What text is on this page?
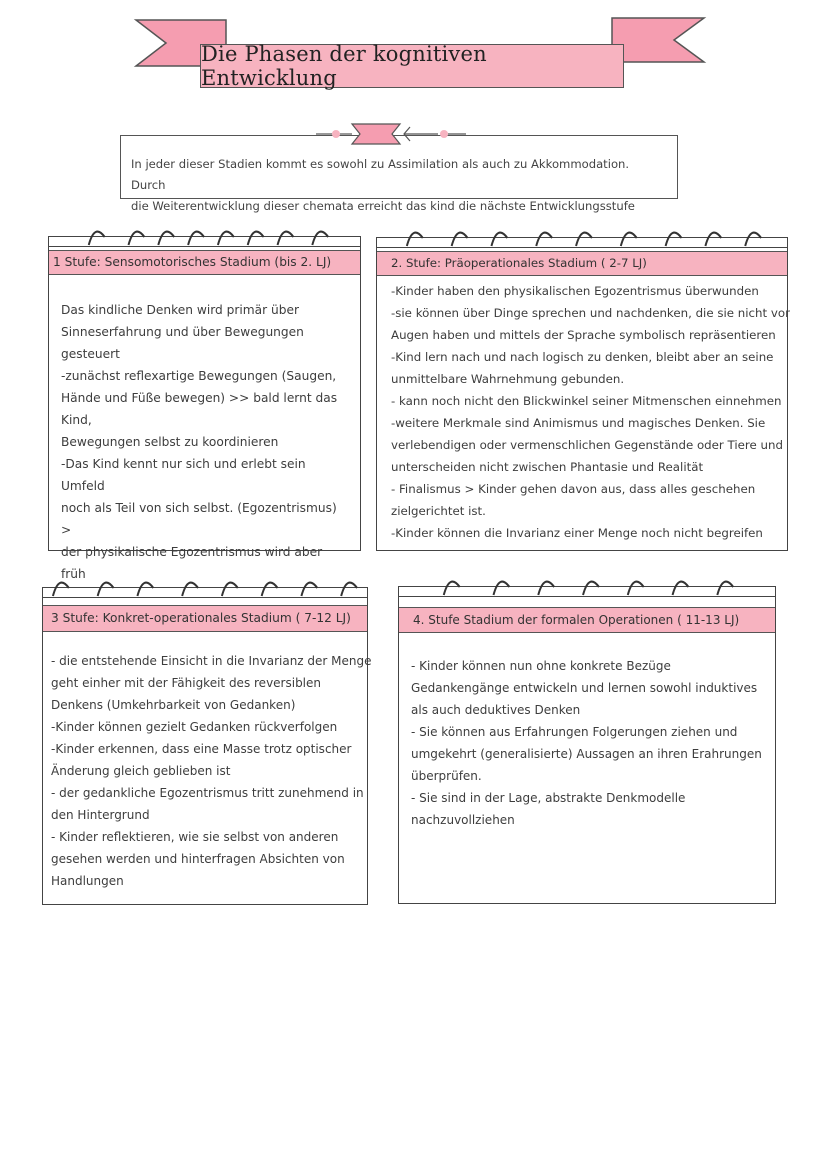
Die Phasen der kognitiven Entwicklung
In jeder dieser Stadien kommt es sowohl zu Assimilation als auch zu Akkommodation. Durch
die Weiterentwicklung dieser chemata erreicht das kind die nächste Entwicklungsstufe
1 Stufe: Sensomotorisches Stadium (bis 2. LJ)

Das kindliche Denken wird primär über

Sinneserfahrung und über Bewegungen

gesteuert

-zunächst reflexartige Bewegungen (Saugen,

Hände und Füße bewegen) >> bald lernt das Kind,

Bewegungen selbst zu koordinieren

-Das Kind kennt nur sich und erlebt sein Umfeld

noch als Teil von sich selbst. (Egozentrismus) >

der physikalische Egozentrismus wird aber früh

2. Stufe: Präoperationales Stadium ( 2-7 LJ)

-Kinder haben den physikalischen Egozentrismus überwunden

-sie können über Dinge sprechen und nachdenken, die sie nicht vor

Augen haben und mittels der Sprache symbolisch repräsentieren

-Kind lern nach und nach logisch zu denken, bleibt aber an seine

unmittelbare Wahrnehmung gebunden.

- kann noch nicht den Blickwinkel seiner Mitmenschen einnehmen

-weitere Merkmale sind Animismus und magisches Denken. Sie

verlebendigen oder vermenschlichen Gegenstände oder Tiere und

unterscheiden nicht zwischen Phantasie und Realität

- Finalismus > Kinder gehen davon aus, dass alles geschehen

zielgerichtet ist.

-Kinder können die Invarianz einer Menge noch nicht begreifen

3 Stufe: Konkret-operationales Stadium ( 7-12 LJ)

- die entstehende Einsicht in die Invarianz der Menge

geht einher mit der Fähigkeit des reversiblen

Denkens (Umkehrbarkeit von Gedanken)

-Kinder können gezielt Gedanken rückverfolgen

-Kinder erkennen, dass eine Masse trotz optischer

Änderung gleich geblieben ist

- der gedankliche Egozentrismus tritt zunehmend in

den Hintergrund

- Kinder reflektieren, wie sie selbst von anderen

gesehen werden und hinterfragen Absichten von

Handlungen

4. Stufe Stadium der formalen Operationen ( 11-13 LJ)

- Kinder können nun ohne konkrete Bezüge

Gedankengänge entwickeln und lernen sowohl induktives

als auch deduktives Denken

- Sie können aus Erfahrungen Folgerungen ziehen und

umgekehrt (generalisierte) Aussagen an ihren Erahrungen

überprüfen.

- Sie sind in der Lage, abstrakte Denkmodelle

nachzuvollziehen
